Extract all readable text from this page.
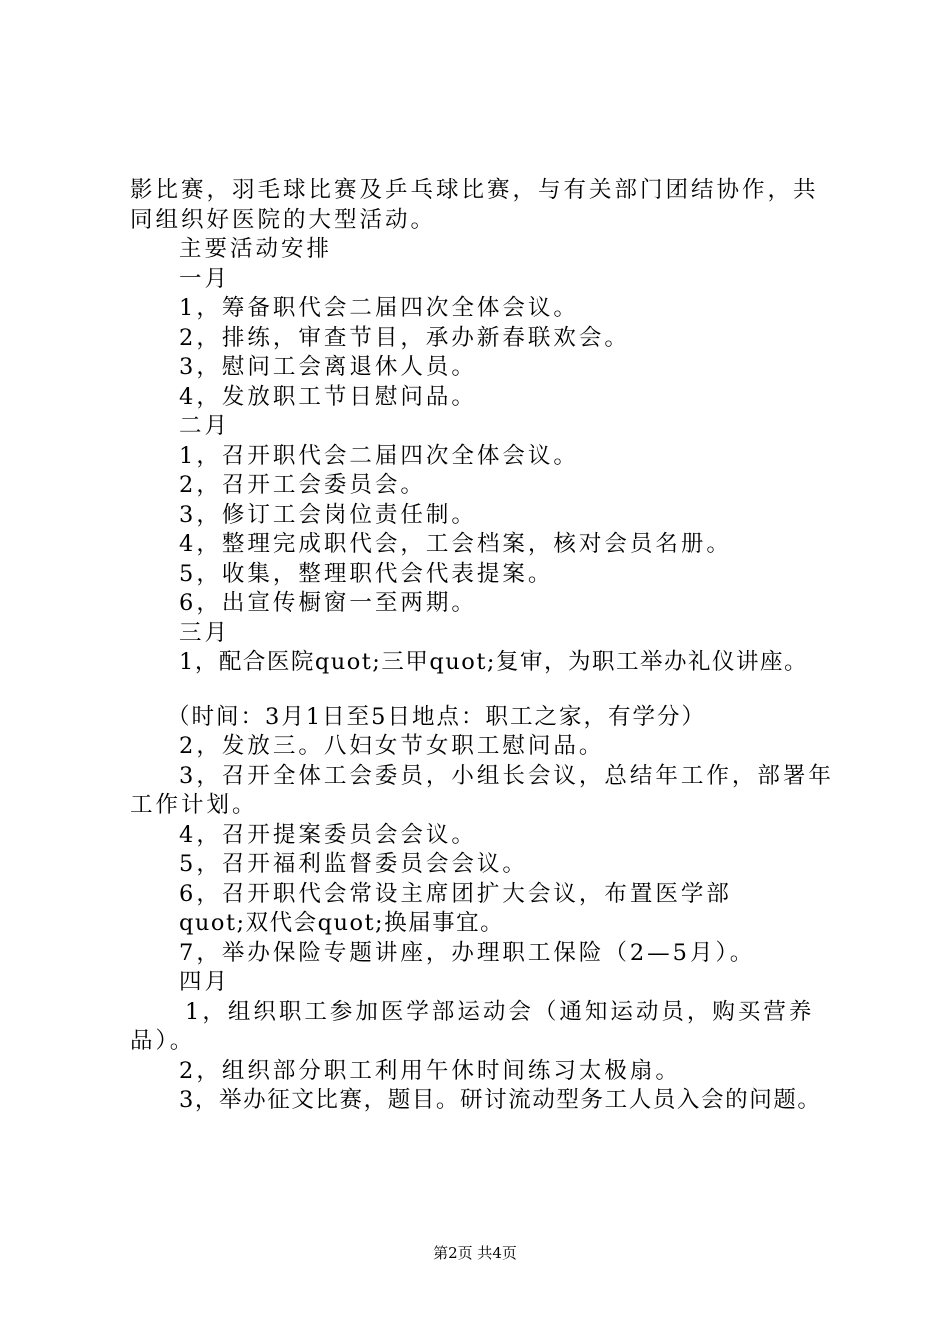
影比赛，羽毛球比赛及乒乓球比赛，与有关部门团结协作，共
同组织好医院的大型活动。
主要活动安排
一月
1，筹备职代会二届四次全体会议。
2，排练，审查节目，承办新春联欢会。
3，慰问工会离退休人员。
4，发放职工节日慰问品。
二月
1，召开职代会二届四次全体会议。
2，召开工会委员会。
3，修订工会岗位责任制。
4，整理完成职代会，工会档案，核对会员名册。
5，收集，整理职代会代表提案。
6，出宣传橱窗一至两期。
三月
1，配合医院quot;三甲quot;复审，为职工举办礼仪讲座。
（时间：3月1日至5日地点：职工之家，有学分）
2，发放三。八妇女节女职工慰问品。
3，召开全体工会委员，小组长会议，总结年工作，部署年
工作计划。
4，召开提案委员会会议。
5，召开福利监督委员会会议。
6，召开职代会常设主席团扩大会议，布置医学部
quot;双代会quot;换届事宜。
7，举办保险专题讲座，办理职工保险（2—5月）。
四月
1，组织职工参加医学部运动会（通知运动员，购买营养
品）。
2，组织部分职工利用午休时间练习太极扇。
3，举办征文比赛，题目。研讨流动型务工人员入会的问题。
第2页 共4页
